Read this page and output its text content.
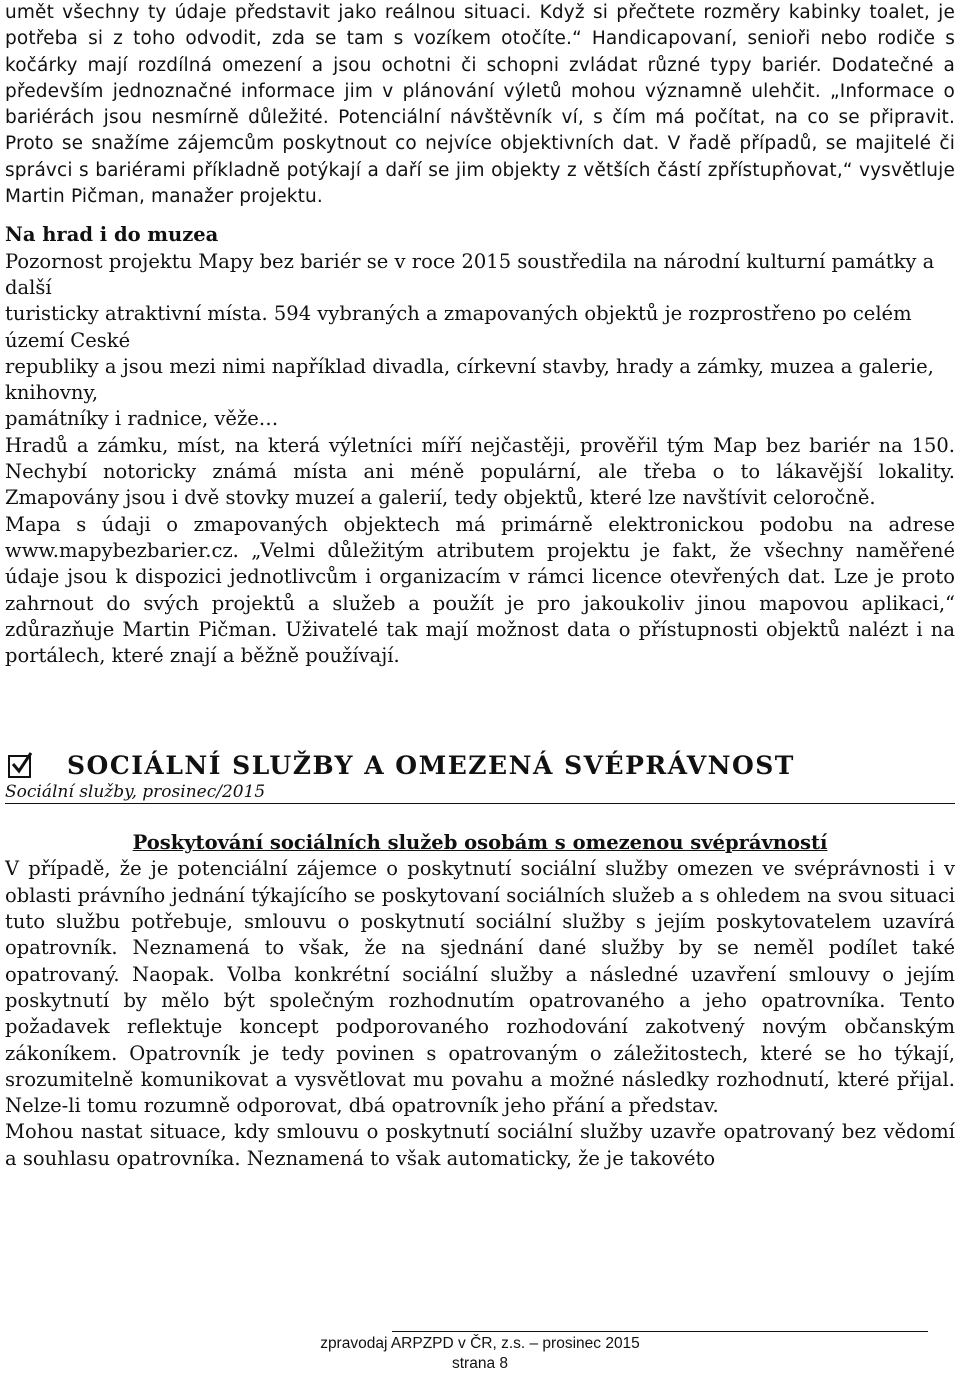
umět všechny ty údaje představit jako reálnou situaci. Když si přečtete rozměry kabinky toalet, je potřeba si z toho odvodit, zda se tam s vozíkem otočíte.“ Handicapovaní, senioři nebo rodiče s kočárky mají rozdílná omezení a jsou ochotni či schopni zvládat různé typy bariér. Dodatečné a především jednoznačné informace jim v plánování výletů mohou významně ulehčit. „Informace o bariérách jsou nesmírně důležité. Potenciální návštěvník ví, s čím má počítat, na co se připravit. Proto se snažíme zájemcům poskytnout co nejvíce objektivních dat. V řadě případů, se majitelé či správci s bariérami příkladně potýkají a daří se jim objekty z větších částí zpřístupňovat,“ vysvětluje Martin Pičman, manažer projektu.

Na hrad i do muzea

Pozornost projektu Mapy bez bariér se v roce 2015 soustředila na národní kulturní památky a další

turisticky atraktivní místa. 594 vybraných a zmapovaných objektů je rozprostřeno po celém území Ceské

republiky a jsou mezi nimi například divadla, církevní stavby, hrady a zámky, muzea a galerie, knihovny,

památníky i radnice, věže…

Hradů a zámku, míst, na která výletníci míří nejčastěji, prověřil tým Map bez bariér na 150. Nechybí notoricky známá místa ani méně populární, ale třeba o to lákavější lokality. Zmapovány jsou i dvě stovky muzeí a galerií, tedy objektů, které lze navštívit celoročně.

Mapa s údaji o zmapovaných objektech má primárně elektronickou podobu na adrese www.mapybezbarier.cz. „Velmi důležitým atributem projektu je fakt, že všechny naměřené údaje jsou k dispozici jednotlivcům i organizacím v rámci licence otevřených dat. Lze je proto zahrnout do svých projektů a služeb a použít je pro jakoukoliv jinou mapovou aplikaci,“ zdůrazňuje Martin Pičman. Uživatelé tak mají možnost data o přístupnosti objektů nalézt i na portálech, které znají a běžně používají.

SOCIÁLNÍ SLUŽBY A OMEZENÁ SVÉPRÁVNOST
Sociální služby, prosinec/2015
Poskytování sociálních služeb osobám s omezenou svéprávností

V případě, že je potenciální zájemce o poskytnutí sociální služby omezen ve svéprávnosti i v oblasti právního jednání týkajícího se poskytovaní sociálních služeb a s ohledem na svou situaci tuto službu potřebuje, smlouvu o poskytnutí sociální služby s jejím poskytovatelem uzavírá opatrovník. Neznamená to však, že na sjednání dané služby by se neměl podílet také opatrovaný. Naopak. Volba konkrétní sociální služby a následné uzavření smlouvy o jejím poskytnutí by mělo být společným rozhodnutím opatrovaného a jeho opatrovníka. Tento požadavek reflektuje koncept podporovaného rozhodování zakotvený novým občanským zákoníkem. Opatrovník je tedy povinen s opatrovaným o záležitostech, které se ho týkají, srozumitelně komunikovat a vysvětlovat mu povahu a možné následky rozhodnutí, které přijal. Nelze-li tomu rozumně odporovat, dbá opatrovník jeho přání a představ.

Mohou nastat situace, kdy smlouvu o poskytnutí sociální služby uzavře opatrovaný bez vědomí a souhlasu opatrovníka. Neznamená to však automaticky, že je takovéto

zpravodaj ARPZPD v ČR, z.s. – prosinec 2015
strana 8
